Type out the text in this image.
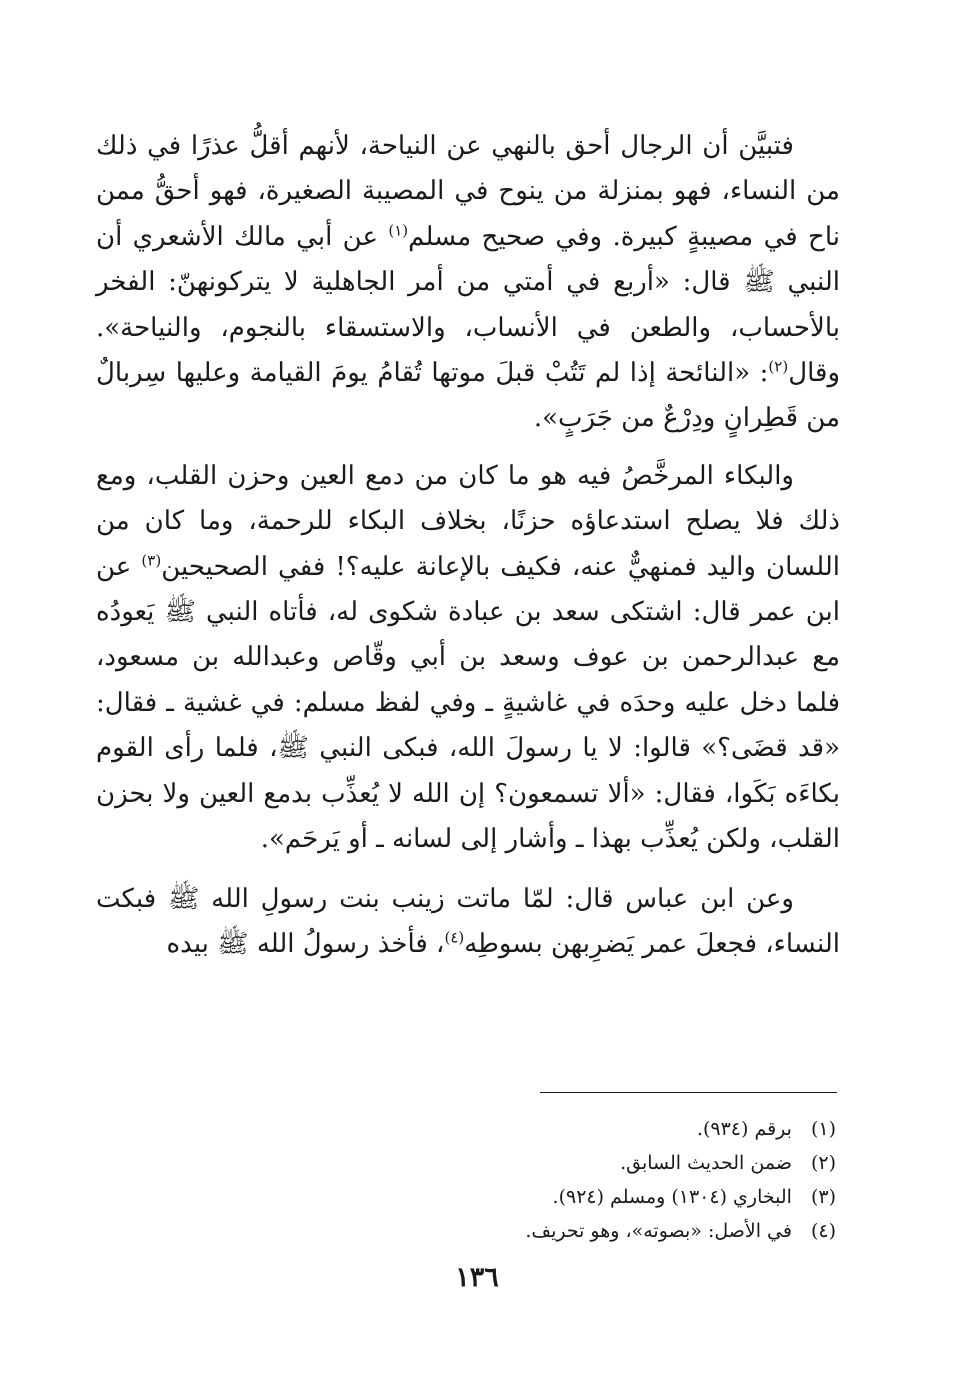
فتبيَّن أن الرجال أحق بالنهي عن النياحة، لأنهم أقلُّ عذرًا في ذلك من النساء، فهو بمنزلة من ينوح في المصيبة الصغيرة، فهو أحقُّ ممن ناح في مصيبةٍ كبيرة. وفي صحيح مسلم$^{(١)}$ عن أبي مالك الأشعري أن النبي ﷺ قال: «أربع في أمتي من أمر الجاهلية لا يتركونهنّ: الفخر بالأحساب، والطعن في الأنساب، والاستسقاء بالنجوم، والنياحة». وقال$^{(٢)}$: «النائحة إذا لم تَتُبْ قبلَ موتها تُقامُ يومَ القيامة وعليها سِربالٌ من قَطِرانٍ ودِرْعٌ من جَرَبٍ».

والبكاء المرخَّصُ فيه هو ما كان من دمع العين وحزن القلب، ومع ذلك فلا يصلح استدعاؤه حزنًا، بخلاف البكاء للرحمة، وما كان من اللسان واليد فمنهيٌّ عنه، فكيف بالإعانة عليه؟! ففي الصحيحين$^{(٣)}$ عن ابن عمر قال: اشتكى سعد بن عبادة شكوى له، فأتاه النبي ﷺ يَعودُه مع عبدالرحمن بن عوف وسعد بن أبي وقّاص وعبدالله بن مسعود، فلما دخل عليه وحدَه في غاشيةٍ ـ وفي لفظ مسلم: في غشية ـ فقال: «قد قضَى؟» قالوا: لا يا رسولَ الله، فبكى النبي ﷺ، فلما رأى القوم بكاءَه بَكَوا، فقال: «ألا تسمعون؟ إن الله لا يُعذِّب بدمع العين ولا بحزن القلب، ولكن يُعذِّب بهذا ـ وأشار إلى لسانه ـ أو يَرحَم».

وعن ابن عباس قال: لمّا ماتت زينب بنت رسولِ الله ﷺ فبكت النساء، فجعلَ عمر يَضرِبهن بسوطِه$^{(٤)}$، فأخذ رسولُ الله ﷺ بيده

(١) برقم (٩٣٤).
(٢) ضمن الحديث السابق.
(٣) البخاري (١٣٠٤) ومسلم (٩٢٤).
(٤) في الأصل: «بصوته»، وهو تحريف.
١٣٦
